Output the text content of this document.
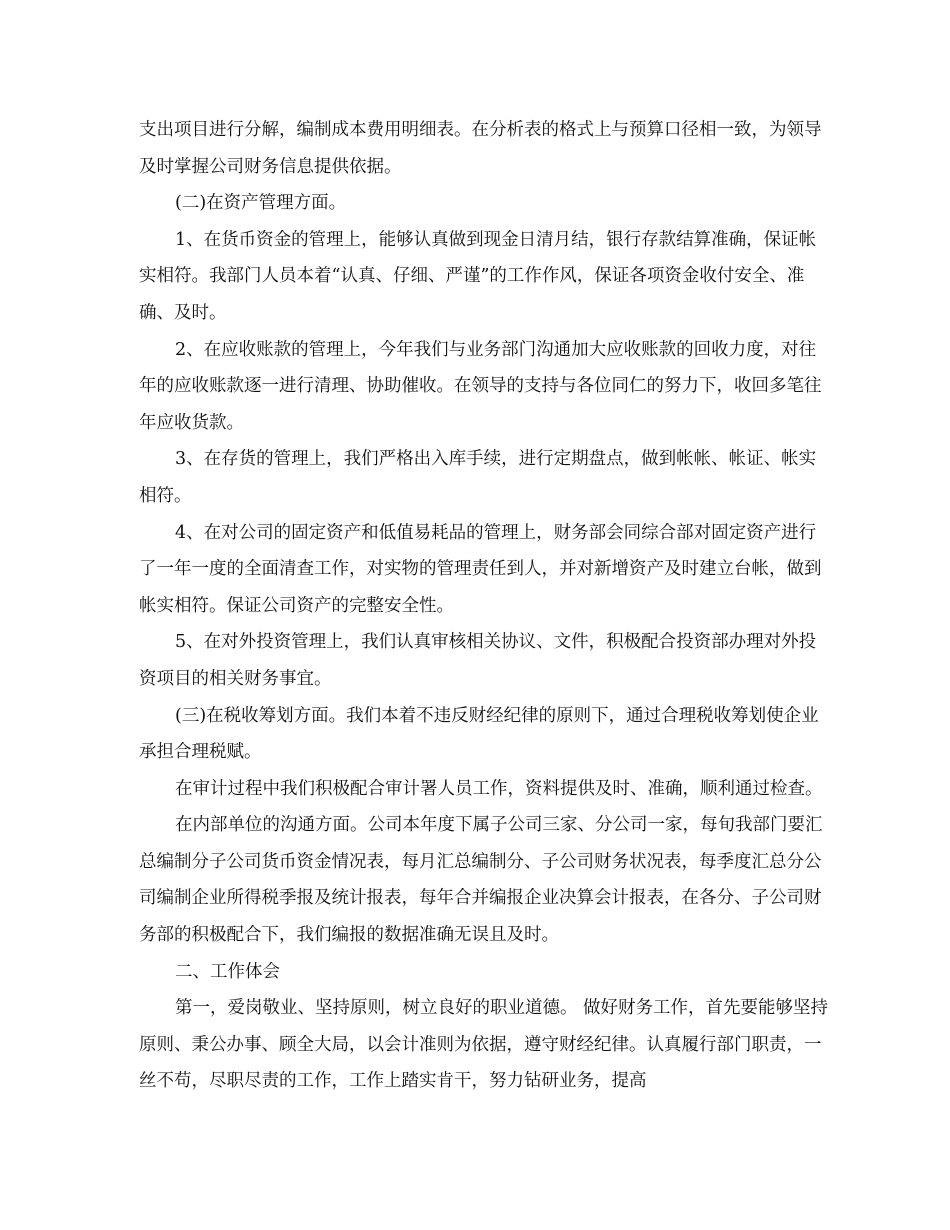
支出项目进行分解，编制成本费用明细表。在分析表的格式上与预算口径相一致，为领导及时掌握公司财务信息提供依据。

(二)在资产管理方面。

1、在货币资金的管理上，能够认真做到现金日清月结，银行存款结算准确，保证帐实相符。我部门人员本着“认真、仔细、严谨”的工作作风，保证各项资金收付安全、准确、及时。

2、在应收账款的管理上，今年我们与业务部门沟通加大应收账款的回收力度，对往年的应收账款逐一进行清理、协助催收。在领导的支持与各位同仁的努力下，收回多笔往年应收货款。

3、在存货的管理上，我们严格出入库手续，进行定期盘点，做到帐帐、帐证、帐实相符。

4、在对公司的固定资产和低值易耗品的管理上，财务部会同综合部对固定资产进行了一年一度的全面清查工作，对实物的管理责任到人，并对新增资产及时建立台帐，做到帐实相符。保证公司资产的完整安全性。

5、在对外投资管理上，我们认真审核相关协议、文件，积极配合投资部办理对外投资项目的相关财务事宜。

(三)在税收筹划方面。我们本着不违反财经纪律的原则下，通过合理税收筹划使企业承担合理税赋。

在审计过程中我们积极配合审计署人员工作，资料提供及时、准确，顺利通过检查。

在内部单位的沟通方面。公司本年度下属子公司三家、分公司一家，每旬我部门要汇总编制分子公司货币资金情况表，每月汇总编制分、子公司财务状况表，每季度汇总分公司编制企业所得税季报及统计报表，每年合并编报企业决算会计报表，在各分、子公司财务部的积极配合下，我们编报的数据准确无误且及时。

二、工作体会

第一，爱岗敬业、坚持原则，树立良好的职业道德。 做好财务工作，首先要能够坚持原则、秉公办事、顾全大局，以会计准则为依据，遵守财经纪律。认真履行部门职责，一丝不苟，尽职尽责的工作，工作上踏实肯干，努力钻研业务，提高
